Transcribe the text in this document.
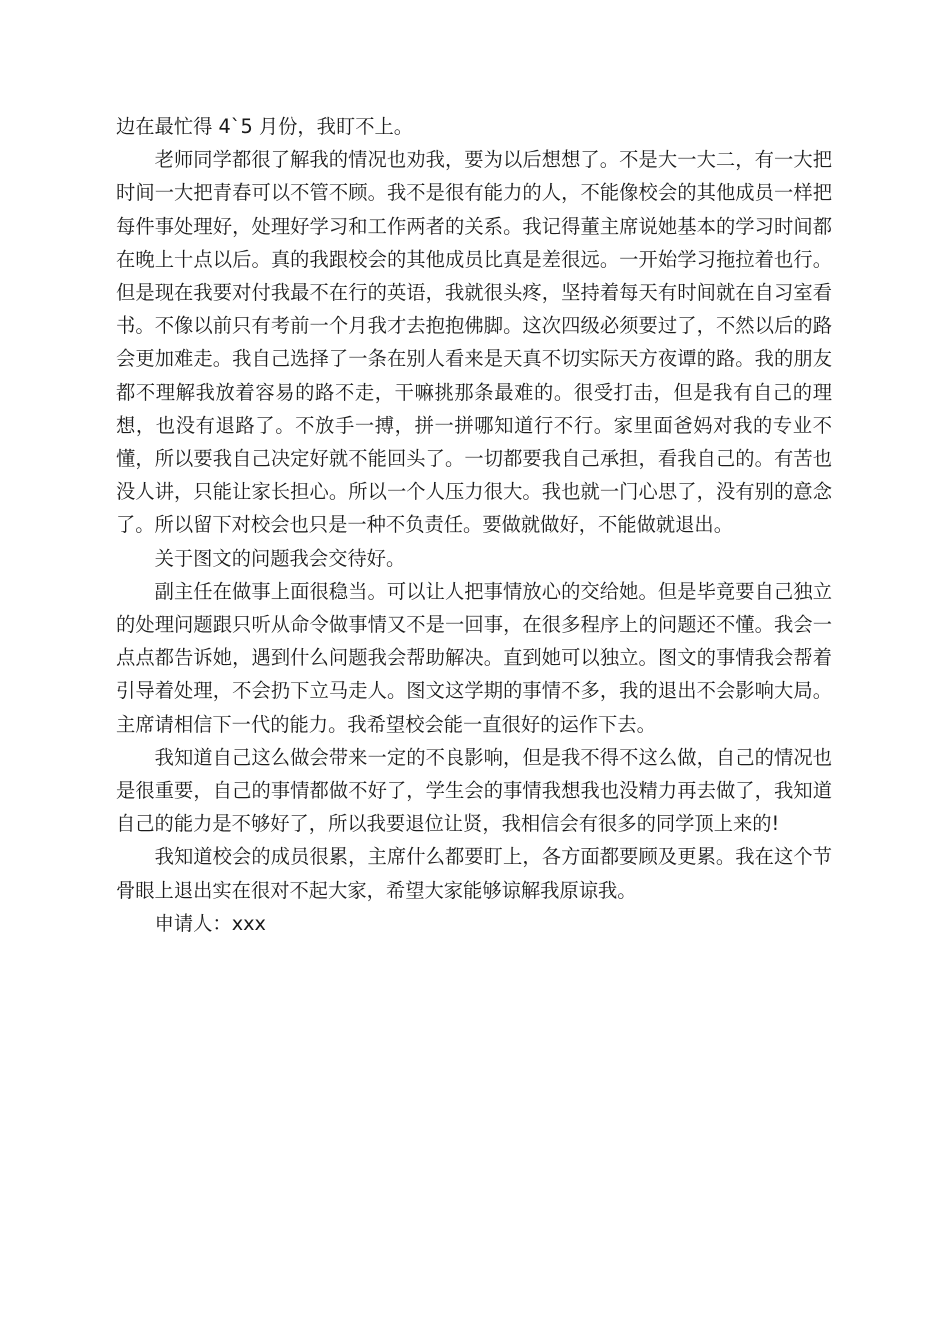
边在最忙得 4`5 月份，我盯不上。

老师同学都很了解我的情况也劝我，要为以后想想了。不是大一大二，有一大把时间一大把青春可以不管不顾。我不是很有能力的人，不能像校会的其他成员一样把每件事处理好，处理好学习和工作两者的关系。我记得董主席说她基本的学习时间都在晚上十点以后。真的我跟校会的其他成员比真是差很远。一开始学习拖拉着也行。但是现在我要对付我最不在行的英语，我就很头疼，坚持着每天有时间就在自习室看书。不像以前只有考前一个月我才去抱抱佛脚。这次四级必须要过了，不然以后的路会更加难走。我自己选择了一条在别人看来是天真不切实际天方夜谭的路。我的朋友都不理解我放着容易的路不走，干嘛挑那条最难的。很受打击，但是我有自己的理想，也没有退路了。不放手一搏，拼一拼哪知道行不行。家里面爸妈对我的专业不懂，所以要我自己决定好就不能回头了。一切都要我自己承担，看我自己的。有苦也没人讲，只能让家长担心。所以一个人压力很大。我也就一门心思了，没有别的意念了。所以留下对校会也只是一种不负责任。要做就做好，不能做就退出。

关于图文的问题我会交待好。

副主任在做事上面很稳当。可以让人把事情放心的交给她。但是毕竟要自己独立的处理问题跟只听从命令做事情又不是一回事，在很多程序上的问题还不懂。我会一点点都告诉她，遇到什么问题我会帮助解决。直到她可以独立。图文的事情我会帮着引导着处理，不会扔下立马走人。图文这学期的事情不多，我的退出不会影响大局。主席请相信下一代的能力。我希望校会能一直很好的运作下去。

我知道自己这么做会带来一定的不良影响，但是我不得不这么做，自己的情况也是很重要，自己的事情都做不好了，学生会的事情我想我也没精力再去做了，我知道自己的能力是不够好了，所以我要退位让贤，我相信会有很多的同学顶上来的!

我知道校会的成员很累，主席什么都要盯上，各方面都要顾及更累。我在这个节骨眼上退出实在很对不起大家，希望大家能够谅解我原谅我。

申请人：xxx
